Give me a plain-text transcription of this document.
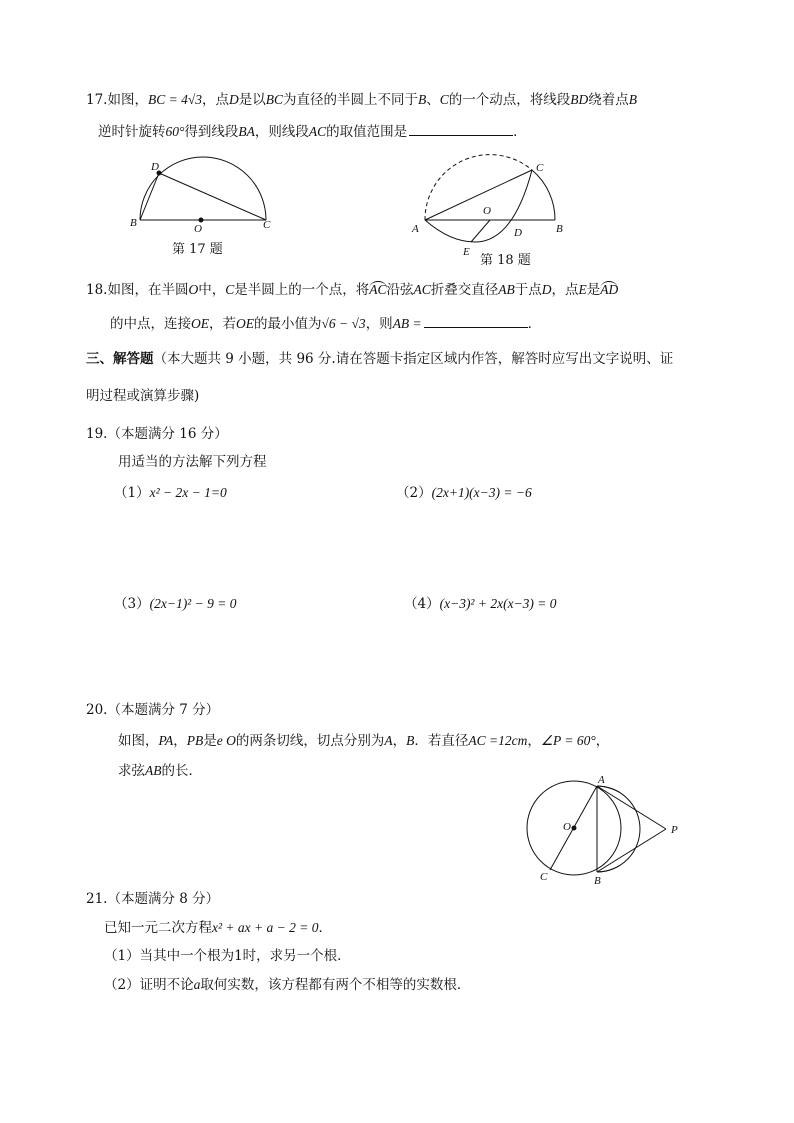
17.如图，BC = 4√3，点D是以BC为直径的半圆上不同于B、C的一个动点，将线段BD绕着点B
逆时针旋转60°得到线段BA，则线段AC的取值范围是	．
D
B	O	C
第 17 题
C
O
A
E
D	B
第 18 题
18.如图，在半圆O中，C是半圆上的一个点，将AC沿弦AC折叠交直径AB于点D，点E是AD
的中点，连接OE，若OE的最小值为√6 − √3，则AB =	．
三、解答题（本大题共 9 小题，共 96 分.请在答题卡指定区域内作答，解答时应写出文字说明、证
明过程或演算步骤)
19.（本题满分 16 分）
用适当的方法解下列方程
（1）x² − 2x − 1=0	（2）(2x+1)(x−3) = −6
（3）(2x−1)² − 9 = 0	（4）(x−3)² + 2x(x−3) = 0
20.（本题满分 7 分）
如图，PA，PB是e O的两条切线，切点分别为A，B．若直径AC =12cm，∠P = 60°，
求弦AB的长．
A
O	P
C	B
21.（本题满分 8 分）
已知一元二次方程x² + ax + a − 2 = 0．
（1）当其中一个根为1时，求另一个根．
（2）证明不论a取何实数，该方程都有两个不相等的实数根．
